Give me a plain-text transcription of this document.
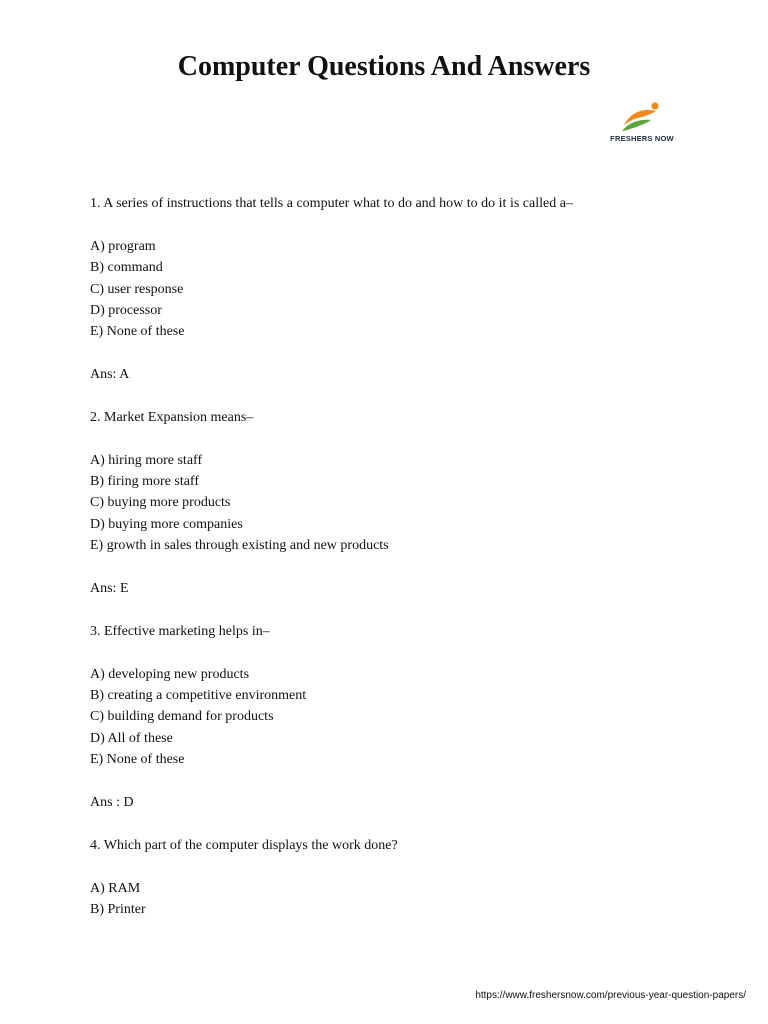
Computer Questions And Answers
FRESHERS NOW

1. A series of instructions that tells a computer what to do and how to do it is called a–

A) program

B) command

C) user response

D) processor

E) None of these

Ans: A

2. Market Expansion means–

A) hiring more staff

B) firing more staff

C) buying more products

D) buying more companies

E) growth in sales through existing and new products

Ans: E

3. Effective marketing helps in–

A) developing new products

B) creating a competitive environment

C) building demand for products

D) All of these

E) None of these

Ans : D

4. Which part of the computer displays the work done?

A) RAM

B) Printer

https://www.freshersnow.com/previous-year-question-papers/
